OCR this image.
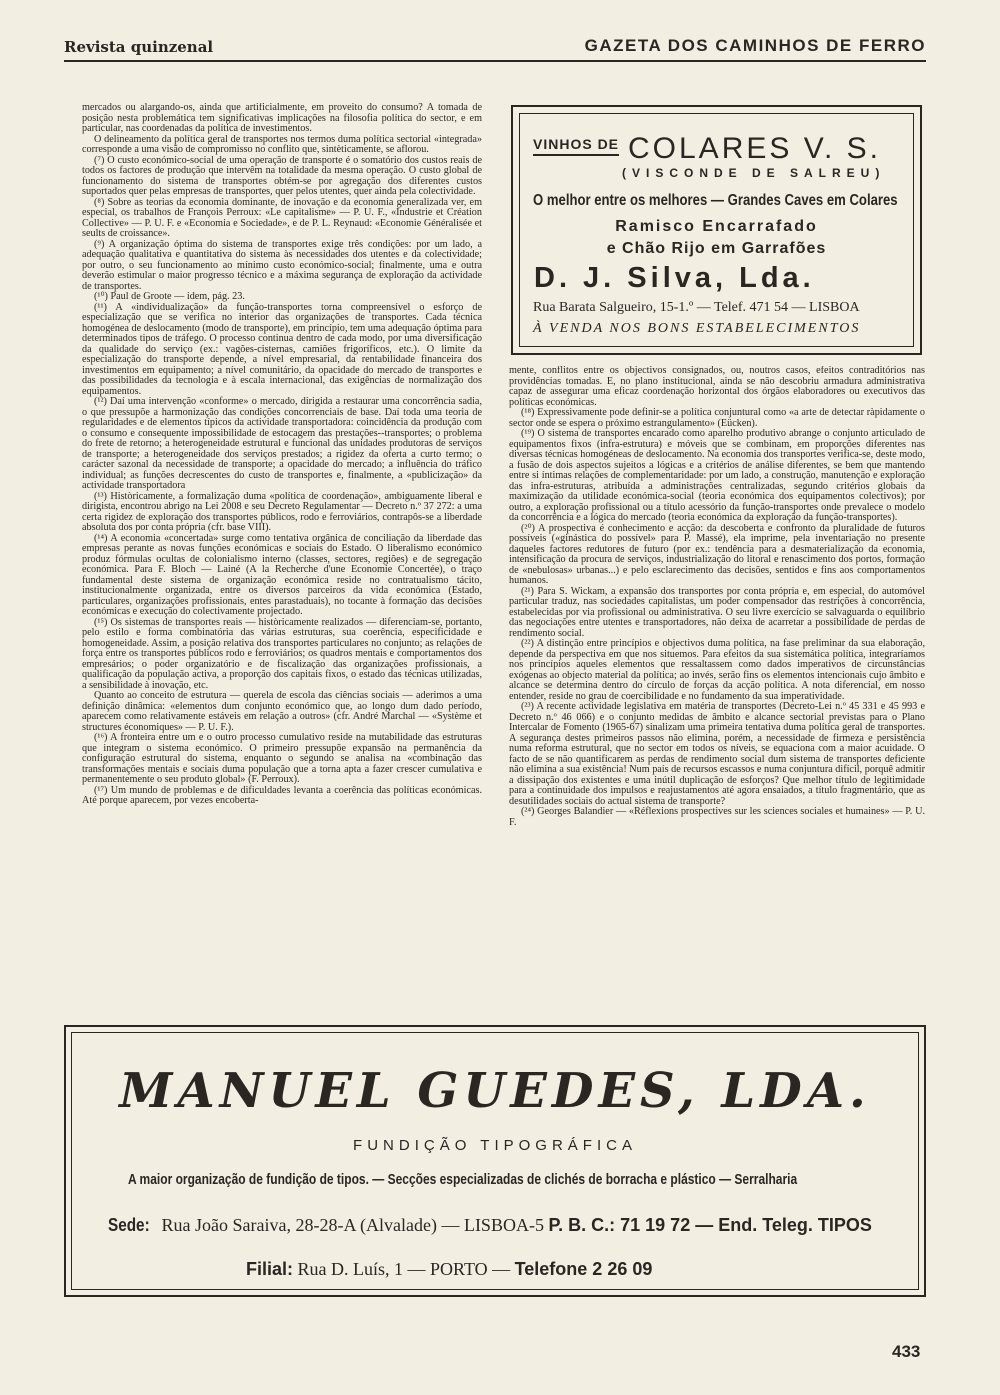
Revista quinzenal	GAZETA DOS CAMINHOS DE FERRO

mercados ou alargando-os, ainda que artificialmente, em proveito do consumo? A tomada de posição nesta problemática tem significativas implicações na filosofia política do sector, e em particular, nas coordenadas da política de investimentos.

O delineamento da política geral de transportes nos termos duma política sectorial «integrada» corresponde a uma visão de compromisso no conflito que, sintèticamente, se aflorou.

(⁷) O custo económico-social de uma operação de transporte é o somatório dos custos reais de todos os factores de produção que intervêm na totalidade da mesma operação. O custo global de funcionamento do sistema de transportes obtém-se por agregação dos diferentes custos suportados quer pelas empresas de transportes, quer pelos utentes, quer ainda pela colectividade.

(⁸) Sobre as teorias da economia dominante, de inovação e da economia generalizada ver, em especial, os trabalhos de François Perroux: «Le capitalisme» — P. U. F., «Industrie et Création Collective» — P. U. F. e «Economia e Sociedade», e de P. L. Reynaud: «Economie Généralisée et seults de croissance».

(⁹) A organização óptima do sistema de transportes exige três condições: por um lado, a adequação qualitativa e quantitativa do sistema às necessidades dos utentes e da colectividade; por outro, o seu funcionamento ao mínimo custo económico-social; finalmente, uma e outra deverão estimular o maior progresso técnico e a máxima segurança de exploração da actividade de transportes.

(¹⁰) Paul de Groote — idem, pág. 23.

(¹¹) A «individualização» da função-transportes torna compreensível o esforço de especialização que se verifica no interior das organizações de transportes. Cada técnica homogénea de deslocamento (modo de transporte), em princípio, tem uma adequação óptima para determinados tipos de tráfego. O processo continua dentro de cada modo, por uma diversificação da qualidade do serviço (ex.: vagões-cisternas, camiões frigoríficos, etc.). O limite da especialização do transporte depende, a nível empresarial, da rentabilidade financeira dos investimentos em equipamento; a nível comunitário, da opacidade do mercado de transportes e das possibilidades da tecnologia e à escala internacional, das exigências de normalização dos equipamentos.

(¹²) Daí uma intervenção «conforme» o mercado, dirigida a restaurar uma concorrência sadia, o que pressupõe a harmonização das condições concorrenciais de base. Daí toda uma teoria de regularidades e de elementos típicos da actividade transportadora: coincidência da produção com o consumo e consequente impossibilidade de estocagem das prestações--transportes; o problema do frete de retorno; a heterogeneidade estrutural e funcional das unidades produtoras de serviços de transporte; a heterogeneidade dos serviços prestados; a rigidez da oferta a curto termo; o carácter sazonal da necessidade de transporte; a opacidade do mercado; a influência do tráfico individual; as funções decrescentes do custo de transportes e, finalmente, a «publicização» da actividade transportadora

(¹³) Històricamente, a formalização duma «política de coordenação», ambiguamente liberal e dirigista, encontrou abrigo na Lei 2008 e seu Decreto Regulamentar — Decreto n.º 37 272: a uma certa rigidez de exploração dos transportes públicos, rodo e ferroviários, contrapôs-se a liberdade absoluta dos por conta própria (cfr. base VIII).

(¹⁴) A economia «concertada» surge como tentativa orgânica de conciliação da liberdade das empresas perante as novas funções económicas e sociais do Estado. O liberalismo económico produz fórmulas ocultas de colonialismo interno (classes, sectores, regiões) e de segregação económica. Para F. Bloch — Lainé (A la Recherche d'une Economie Concertée), o traço fundamental deste sistema de organização económica reside no contratualismo tácito, institucionalmente organizada, entre os diversos parceiros da vida económica (Estado, particulares, organizações profissionais, entes parastaduais), no tocante à formação das decisões económicas e execução do colectivamente projectado.

(¹⁵) Os sistemas de transportes reais — històricamente realizados — diferenciam-se, portanto, pelo estilo e forma combinatória das várias estruturas, sua coerência, especificidade e homogeneidade. Assim, a posição relativa dos transportes particulares no conjunto; as relações de força entre os transportes públicos rodo e ferroviários; os quadros mentais e comportamentos dos empresários; o poder organizatório e de fiscalização das organizações profissionais, a qualificação da população activa, a proporção dos capitais fixos, o estado das técnicas utilizadas, a sensibilidade à inovação, etc.

Quanto ao conceito de estrutura — querela de escola das ciências sociais — aderimos a uma definição dinâmica: «elementos dum conjunto económico que, ao longo dum dado período, aparecem como relativamente estáveis em relação a outros» (cfr. André Marchal — «Système et structures économiques» — P. U. F.).

(¹⁶) A fronteira entre um e o outro processo cumulativo reside na mutabilidade das estruturas que integram o sistema económico. O primeiro pressupõe expansão na permanência da configuração estrutural do sistema, enquanto o segundo se analisa na «combinação das transformações mentais e sociais duma população que a torna apta a fazer crescer cumulativa e permanentemente o seu produto global» (F. Perroux).

(¹⁷) Um mundo de problemas e de dificuldades levanta a coerência das políticas económicas. Até porque aparecem, por vezes encoberta-

VINHOS DE COLARES V. S.
(VISCONDE DE SALREU)
O melhor entre os melhores — Grandes Caves em Colares
Ramisco Encarrafado
e Chão Rijo em Garrafões
D. J. Silva, Lda.
Rua Barata Salgueiro, 15-1.º — Telef. 471 54 — LISBOA
À VENDA NOS BONS ESTABELECIMENTOS

mente, conflitos entre os objectivos consignados, ou, noutros casos, efeitos contraditórios nas providências tomadas. E, no plano institucional, ainda se não descobriu armadura administrativa capaz de assegurar uma eficaz coordenação horizontal dos órgãos elaboradores ou executivos das políticas económicas.

(¹⁸) Expressivamente pode definir-se a política conjuntural como «a arte de detectar ràpidamente o sector onde se espera o próximo estrangulamento» (Eücken).

(¹⁹) O sistema de transportes encarado como aparelho produtivo abrange o conjunto articulado de equipamentos fixos (infra-estrutura) e móveis que se combinam, em proporções diferentes nas diversas técnicas homogéneas de deslocamento. Na economia dos transportes verifica-se, deste modo, a fusão de dois aspectos sujeitos a lógicas e a critérios de análise diferentes, se bem que mantendo entre si íntimas relações de complementaridade: por um lado, a construção, manutenção e exploração das infra-estruturas, atribuída a administrações centralizadas, segundo critérios globais da maximização da utilidade económica-social (teoria económica dos equipamentos colectivos); por outro, a exploração profissional ou a título acessório da função-transportes onde prevalece o modelo da concorrência e a lógica do mercado (teoria económica da exploração da função-transportes).

(²⁰) A prospectiva é conhecimento e acção: da descoberta e confronto da pluralidade de futuros possíveis («ginástica do possível» para P. Massé), ela imprime, pela inventariação no presente daqueles factores redutores de futuro (por ex.: tendência para a desmaterialização da economia, intensificação da procura de serviços, industrialização do litoral e renascimento dos portos, formação de «nebulosas» urbanas...) e pelo esclarecimento das decisões, sentidos e fins aos comportamentos humanos.

(²¹) Para S. Wickam, a expansão dos transportes por conta própria e, em especial, do automóvel particular traduz, nas sociedades capitalistas, um poder compensador das restrições à concorrência, estabelecidas por via profissional ou administrativa. O seu livre exercício se salvaguarda o equilíbrio das negociações entre utentes e transportadores, não deixa de acarretar a possibilidade de perdas de rendimento social.

(²²) A distinção entre princípios e objectivos duma política, na fase preliminar da sua elaboração, depende da perspectiva em que nos situemos. Para efeitos da sua sistemática política, integraríamos nos princípios aqueles elementos que ressaltassem como dados imperativos de circunstâncias exógenas ao objecto material da política; ao invés, serão fins os elementos intencionais cujo âmbito e alcance se determina dentro do círculo de forças da acção política. A nota diferencial, em nosso entender, reside no grau de coercibilidade e no fundamento da sua imperatividade.

(²³) A recente actividade legislativa em matéria de transportes (Decreto-Lei n.º 45 331 e 45 993 e Decreto n.º 46 066) e o conjunto medidas de âmbito e alcance sectorial previstas para o Plano Intercalar de Fomento (1965-67) sinalizam uma primeira tentativa duma política geral de transportes. A segurança destes primeiros passos não elimina, porém, a necessidade de firmeza e persistência numa reforma estrutural, que no sector em todos os níveis, se equaciona com a maior acuidade. O facto de se não quantificarem as perdas de rendimento social dum sistema de transportes deficiente não elimina a sua existência! Num país de recursos escassos e numa conjuntura difícil, porquê admitir a dissipação dos existentes e uma inútil duplicação de esforços? Que melhor título de legitimidade para a continuidade dos impulsos e reajustamentos até agora ensaiados, a título fragmentário, que as desutilidades sociais do actual sistema de transporte?

(²⁴) Georges Balandier — «Réflexions prospectives sur les sciences sociales et humaines» — P. U. F.

MANUEL GUEDES, LDA.
FUNDIÇÃO TIPOGRÁFICA
A maior organização de fundição de tipos. — Secções especializadas de clichés de borracha e plástico — Serralharia
Sede: Rua João Saraiva, 28-28-A (Alvalade) — LISBOA-5 P. B. C.: 71 19 72 — End. Teleg. TIPOS
Filial: Rua D. Luís, 1 — PORTO — Telefone 2 26 09
433
